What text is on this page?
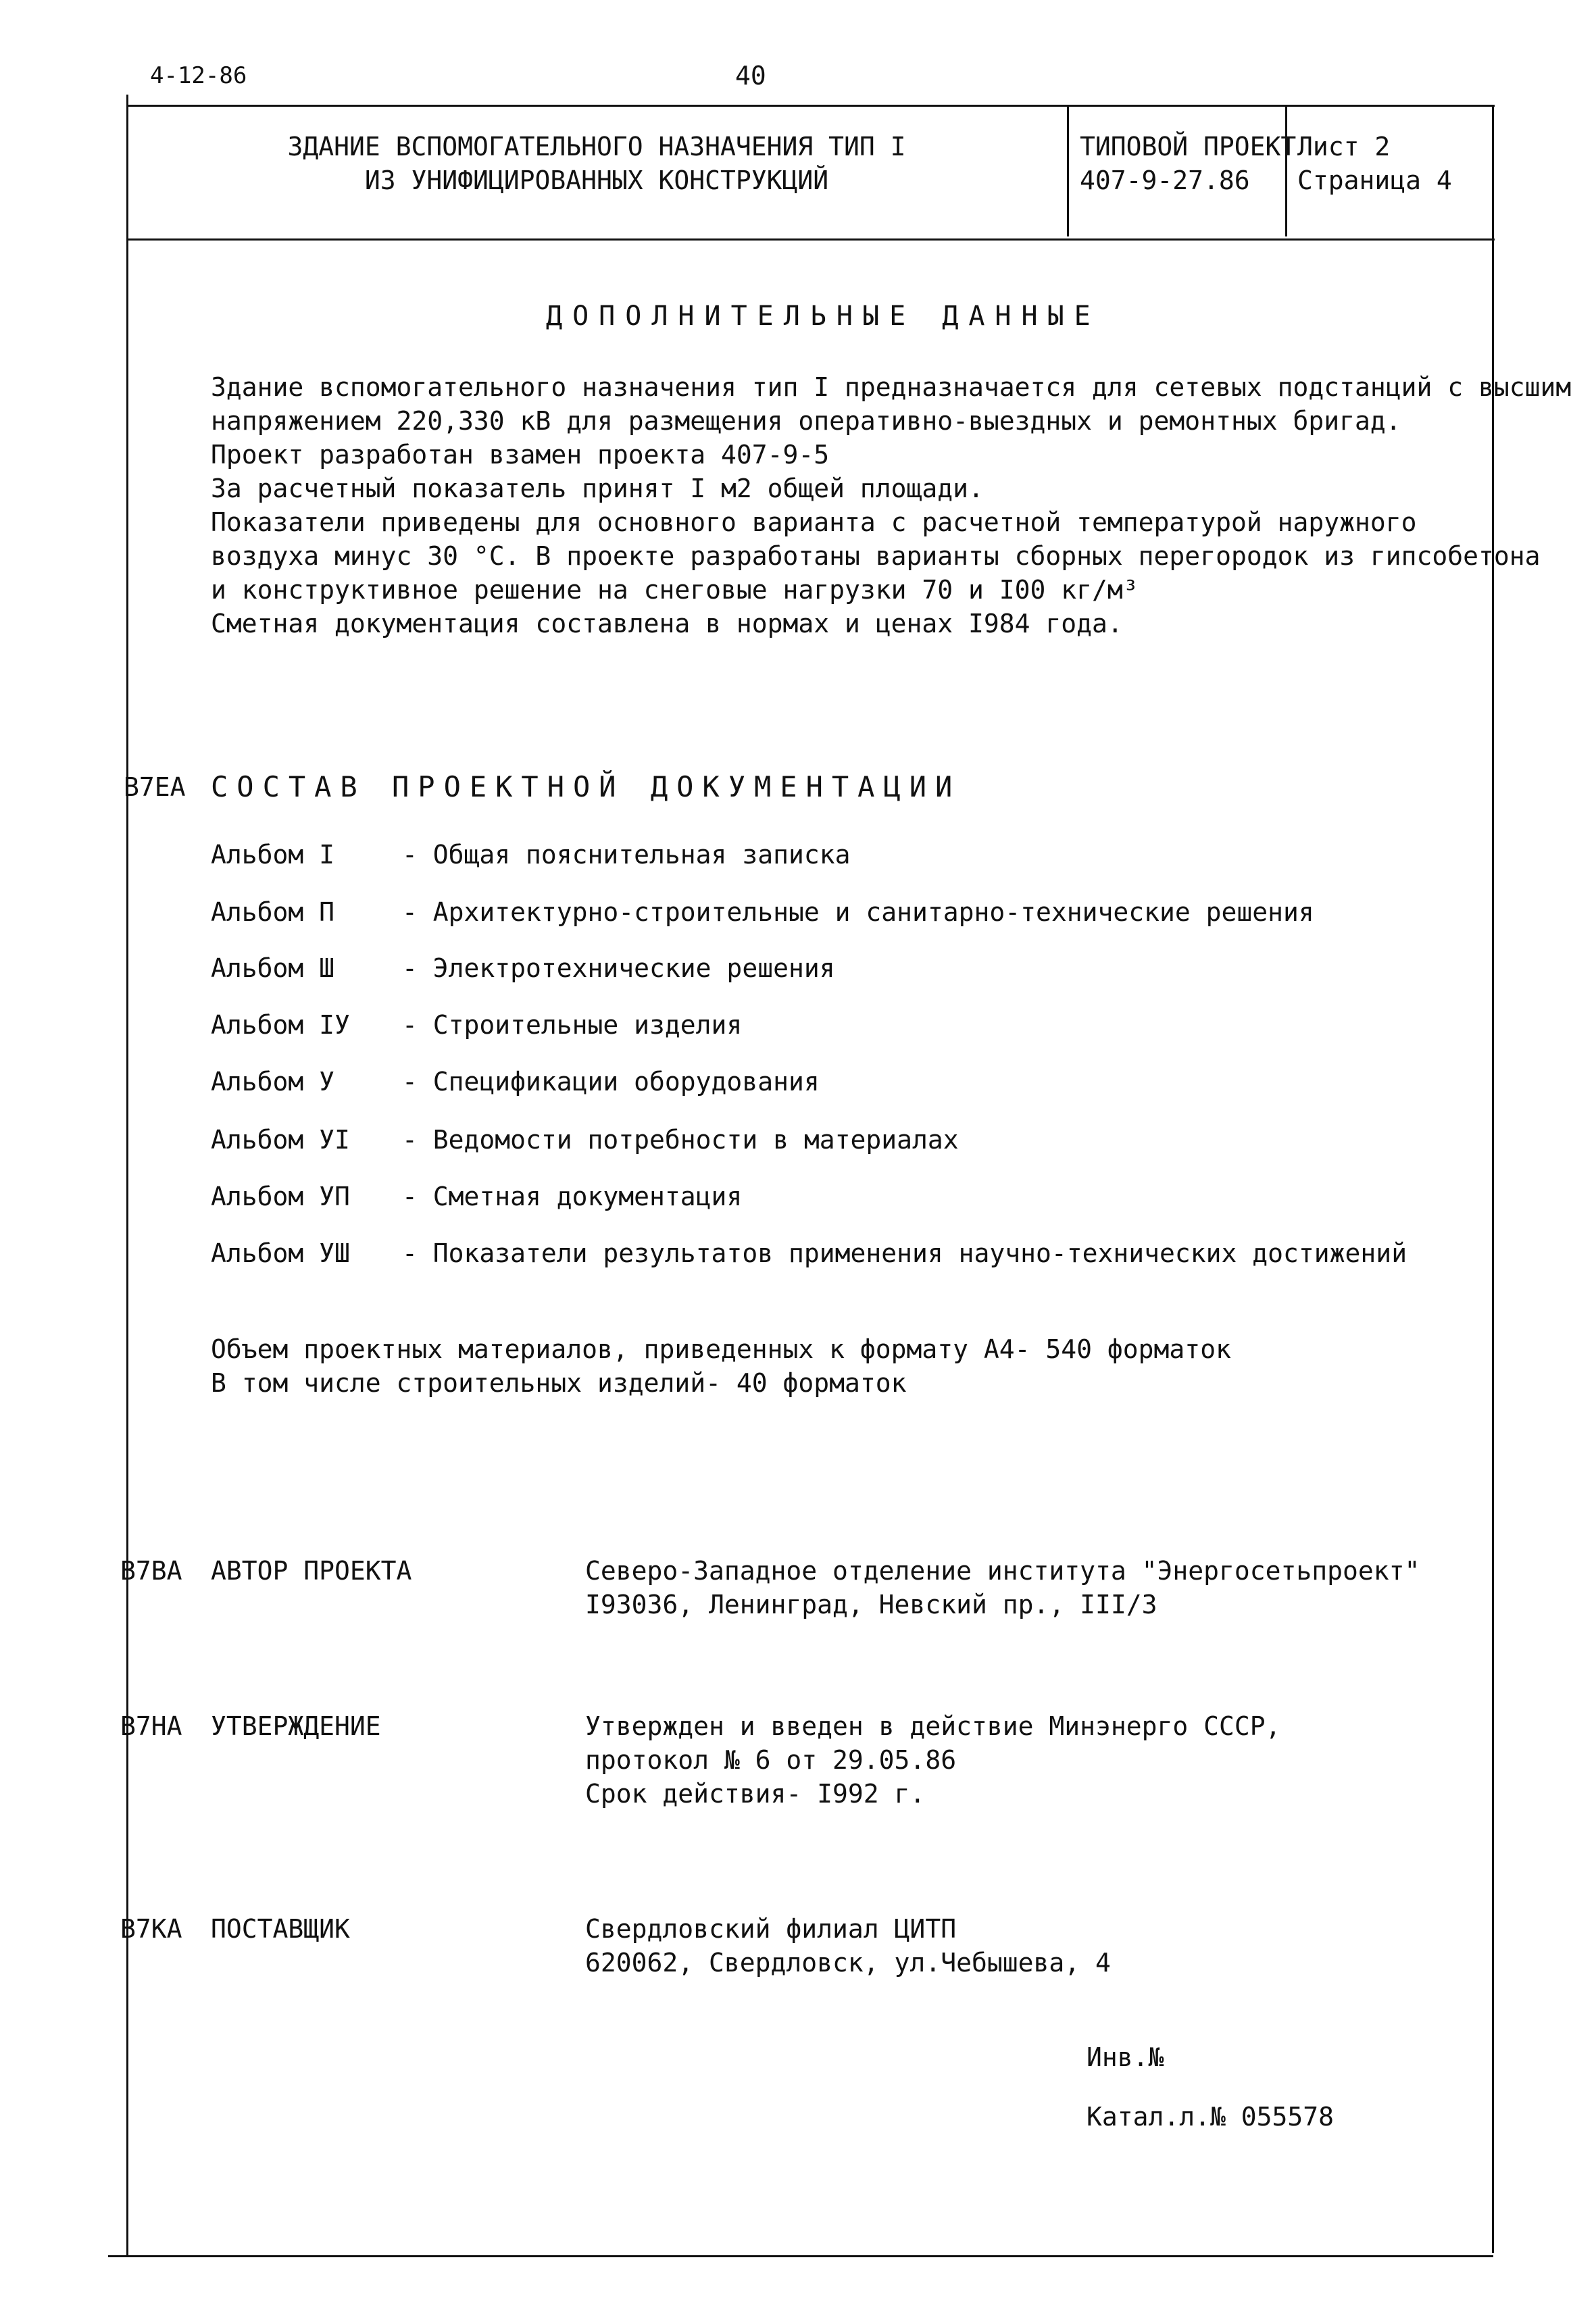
4-12-86	40
ЗДАНИЕ ВСПОМОГАТЕЛЬНОГО НАЗНАЧЕНИЯ ТИП I
ИЗ УНИФИЦИРОВАННЫХ КОНСТРУКЦИЙ
ТИПОВОЙ ПРОЕКТ
407-9-27.86
Лист 2
Страница 4
ДОПОЛНИТЕЛЬНЫЕ ДАННЫЕ
Здание вспомогательного назначения тип I предназначается для сетевых подстанций с высшим
напряжением 220,330 кВ для размещения оперативно-выездных и ремонтных бригад.
Проект разработан взамен проекта 407-9-5
За расчетный показатель принят I м2 общей площади.
Показатели приведены для основного варианта с расчетной температурой наружного
воздуха минус 30 °С. В проекте разработаны варианты сборных перегородок из гипсобетона
и конструктивное решение на снеговые нагрузки 70 и I00 кг/м³
Сметная документация составлена в нормах и ценах I984 года.
В7ЕА СОСТАВ ПРОЕКТНОЙ ДОКУМЕНТАЦИИ
Альбом I	- Общая пояснительная записка
Альбом П	- Архитектурно-строительные и санитарно-технические решения
Альбом Ш	- Электротехнические решения
Альбом IУ - Строительные изделия
Альбом У	- Спецификации оборудования
Альбом УI - Ведомости потребности в материалах
Альбом УП - Сметная документация
Альбом УШ - Показатели результатов применения научно-технических достижений
Объем проектных материалов, приведенных к формату А4- 540 форматок
В том числе строительных изделий- 40 форматок
В7ВА АВТОР ПРОЕКТА	Северо-Западное отделение института "Энергосетьпроект"
I93036, Ленинград, Невский пр., III/3
В7НА УТВЕРЖДЕНИЕ	Утвержден и введен в действие Минэнерго СССР,
протокол № 6 от 29.05.86
Срок действия- I992 г.
В7КА ПОСТАВЩИК	Свердловский филиал ЦИТП
620062, Свердловск, ул.Чебышева, 4
Инв.№
Катал.л.№ 055578
